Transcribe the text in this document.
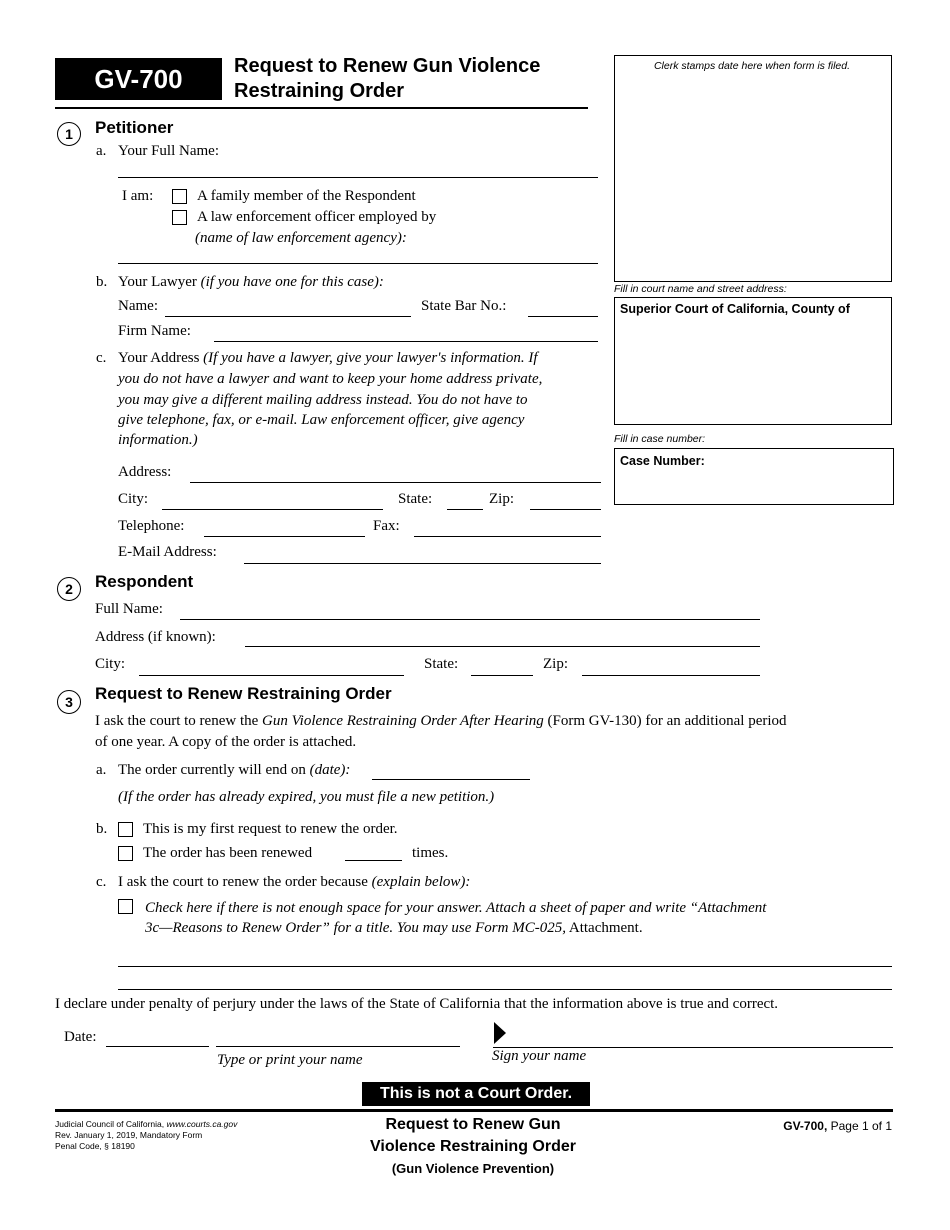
GV-700	Request to Renew Gun Violence
Restraining Order
Clerk stamps date here when form is filed.
Fill in court name and street address:
Superior Court of California, County of
Fill in case number:
Case Number:
1	Petitioner
a. Your Full Name:
I am:	A family member of the Respondent
A law enforcement officer employed by
(name of law enforcement agency):
b. Your Lawyer (if you have one for this case):
Name:	State Bar No.:
Firm Name:
c. Your Address (If you have a lawyer, give your lawyer's information. If
you do not have a lawyer and want to keep your home address private,
you may give a different mailing address instead. You do not have to
give telephone, fax, or e-mail. Law enforcement officer, give agency
information.)
Address:
City:	State:	Zip:
Telephone:	Fax:
E-Mail Address:
2	Respondent
Full Name:
Address (if known):
City:	State:	Zip:
3	Request to Renew Restraining Order
I ask the court to renew the Gun Violence Restraining Order After Hearing (Form GV-130) for an additional period
of one year. A copy of the order is attached.
a. The order currently will end on (date):
(If the order has already expired, you must file a new petition.)
b. This is my first request to renew the order.
The order has been renewed	times.
c. I ask the court to renew the order because (explain below):
Check here if there is not enough space for your answer. Attach a sheet of paper and write “Attachment
3c—Reasons to Renew Order” for a title. You may use Form MC-025, Attachment.
I declare under penalty of perjury under the laws of the State of California that the information above is true and correct.
Date:
Type or print your name	Sign your name
This is not a Court Order.
Judicial Council of California, www.courts.ca.gov
Rev. January 1, 2019, Mandatory Form
Penal Code, § 18190
Request to Renew Gun
Violence Restraining Order
(Gun Violence Prevention)
GV-700, Page 1 of 1
